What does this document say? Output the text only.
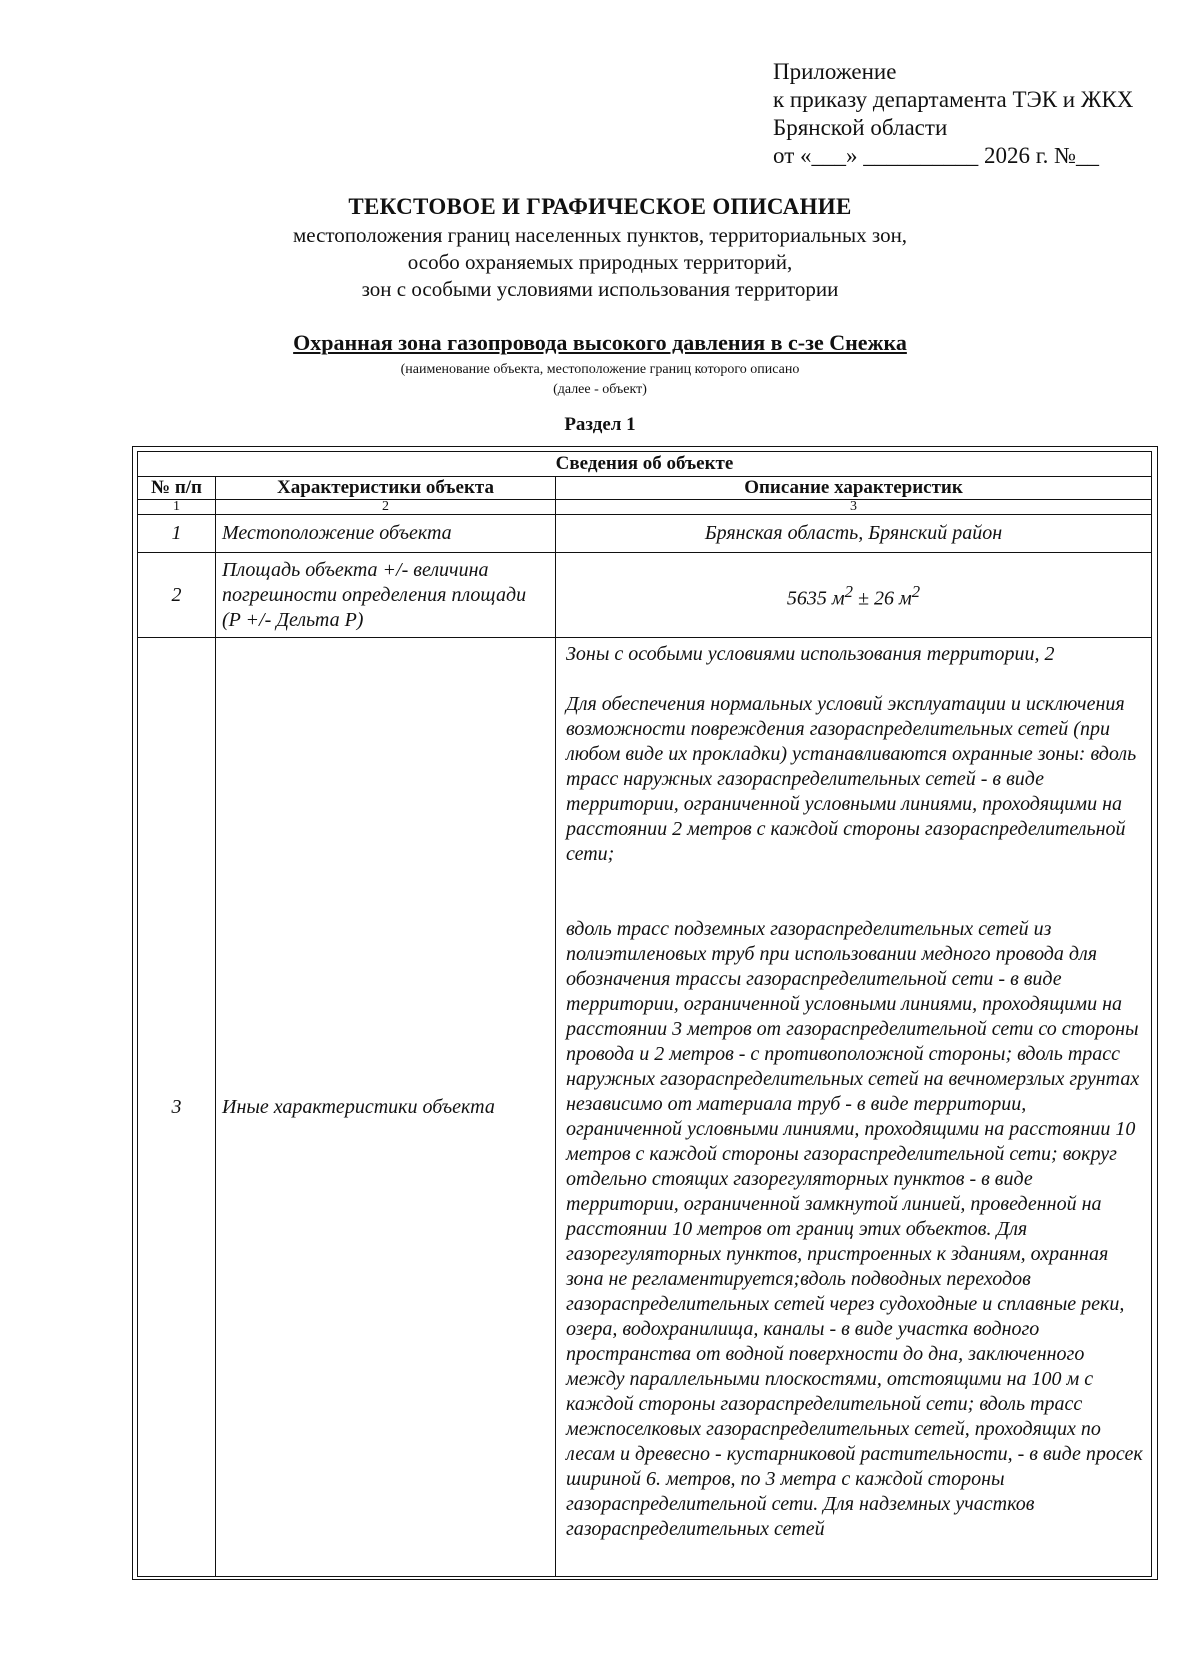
Приложение
к приказу департамента ТЭК и ЖКХ
Брянской области
от «___» __________ 2026 г. №__
ТЕКСТОВОЕ И ГРАФИЧЕСКОЕ ОПИСАНИЕ
местоположения границ населенных пунктов, территориальных зон,
особо охраняемых природных территорий,
зон с особыми условиями использования территории
Охранная зона газопровода высокого давления в с-зе Снежка
(наименование объекта, местоположение границ которого описано
(далее - объект)
Раздел 1
Сведения об объекте		
№ п/п	Характеристики объекта	Описание характеристик
1	2	3
1	Местоположение объекта	Брянская область, Брянский район
2	Площадь объекта +/- величина погрешности определения площади (P +/- Дельта P)	5635 $м^2 \pm 26$ $м^2$
3	Иные характеристики объекта	Зоны с особыми условиями использования территории, 2

Для обеспечения нормальных условий эксплуатации и исключения возможности повреждения газораспределительных сетей (при любом виде их прокладки) устанавливаются охранные зоны: вдоль трасс наружных газораспределительных сетей - в виде территории, ограниченной условными линиями, проходящими на расстоянии 2 метров с каждой стороны газораспределительной сети;

вдоль трасс подземных газораспределительных сетей из полиэтиленовых труб при использовании медного провода для обозначения трассы газораспределительной сети - в виде территории, ограниченной условными линиями, проходящими на расстоянии 3 метров от газораспределительной сети со стороны провода и 2 метров - с противоположной стороны; вдоль трасс наружных газораспределительных сетей на вечномерзлых грунтах независимо от материала труб - в виде территории, ограниченной условными линиями, проходящими на расстоянии 10 метров с каждой стороны газораспределительной сети; вокруг отдельно стоящих газорегуляторных пунктов - в виде территории, ограниченной замкнутой линией, проведенной на расстоянии 10 метров от границ этих объектов. Для газорегуляторных пунктов, пристроенных к зданиям, охранная зона не регламентируется;вдоль подводных переходов газораспределительных сетей через судоходные и сплавные реки, озера, водохранилища, каналы - в виде участка водного пространства от водной поверхности до дна, заключенного между параллельными плоскостями, отстоящими на 100 м с каждой стороны газораспределительной сети; вдоль трасс межпоселковых газораспределительных сетей, проходящих по лесам и древесно - кустарниковой растительности, - в виде просек шириной 6. метров, по 3 метра с каждой стороны газораспределительной сети. Для надземных участков газораспределительных сетей
